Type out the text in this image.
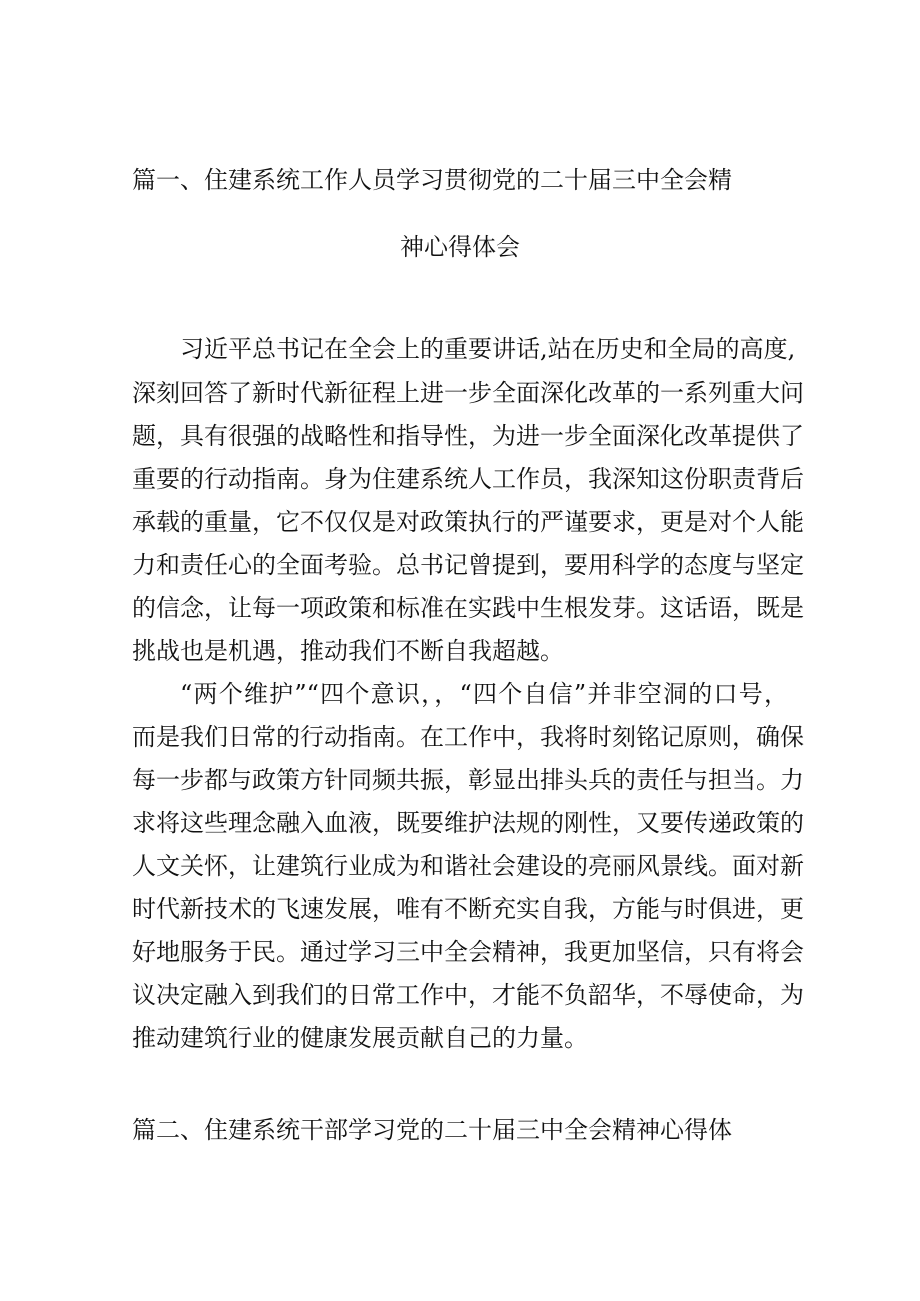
篇一、住建系统工作人员学习贯彻党的二十届三中全会精
神心得体会
习近平总书记在全会上的重要讲话,站在历史和全局的高度,
深刻回答了新时代新征程上进一步全面深化改革的一系列重大问
题，具有很强的战略性和指导性，为进一步全面深化改革提供了
重要的行动指南。身为住建系统人工作员，我深知这份职责背后
承载的重量，它不仅仅是对政策执行的严谨要求，更是对个人能
力和责任心的全面考验。总书记曾提到，要用科学的态度与坚定
的信念，让每一项政策和标准在实践中生根发芽。这话语，既是
挑战也是机遇，推动我们不断自我超越。
“两个维护”“四个意识，，“四个自信”并非空洞的口号，
而是我们日常的行动指南。在工作中，我将时刻铭记原则，确保
每一步都与政策方针同频共振，彰显出排头兵的责任与担当。力
求将这些理念融入血液，既要维护法规的刚性，又要传递政策的
人文关怀，让建筑行业成为和谐社会建设的亮丽风景线。面对新
时代新技术的飞速发展，唯有不断充实自我，方能与时俱进，更
好地服务于民。通过学习三中全会精神，我更加坚信，只有将会
议决定融入到我们的日常工作中，才能不负韶华，不辱使命，为
推动建筑行业的健康发展贡献自己的力量。
篇二、住建系统干部学习党的二十届三中全会精神心得体
